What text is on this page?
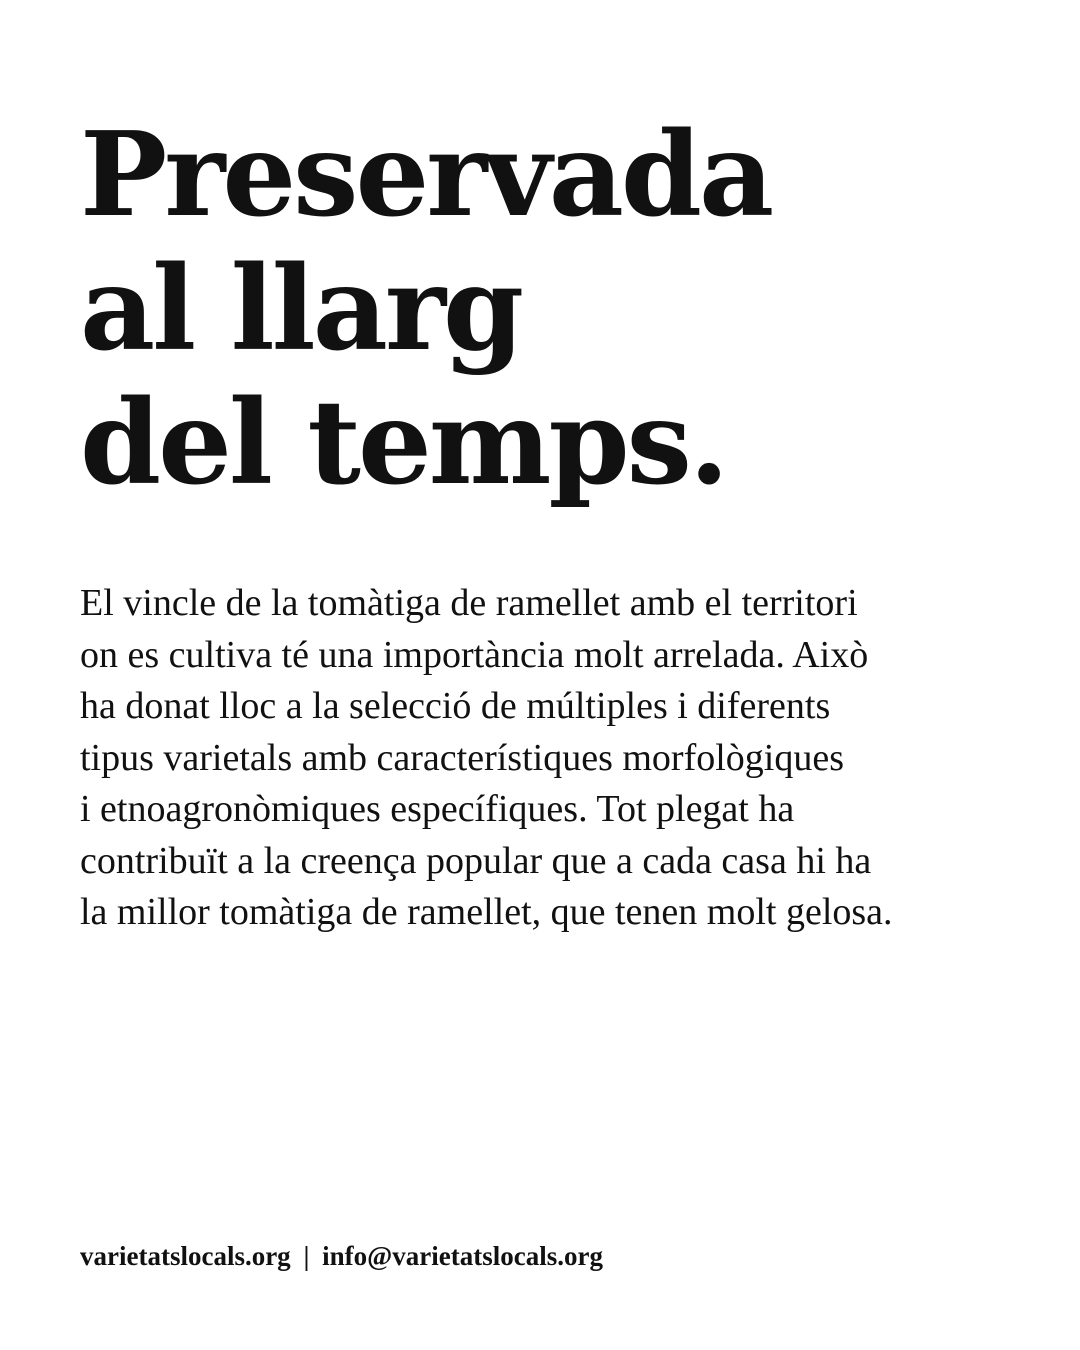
Preservada
al llarg
del temps.

El vincle de la tomàtiga de ramellet amb el territori
on es cultiva té una importància molt arrelada. Això
ha donat lloc a la selecció de múltiples i diferents
tipus varietals amb característiques morfològiques
i etnoagronòmiques específiques. Tot plegat ha
contribuït a la creença popular que a cada casa hi ha
la millor tomàtiga de ramellet, que tenen molt gelosa.

varietatslocals.org | info@varietatslocals.org
